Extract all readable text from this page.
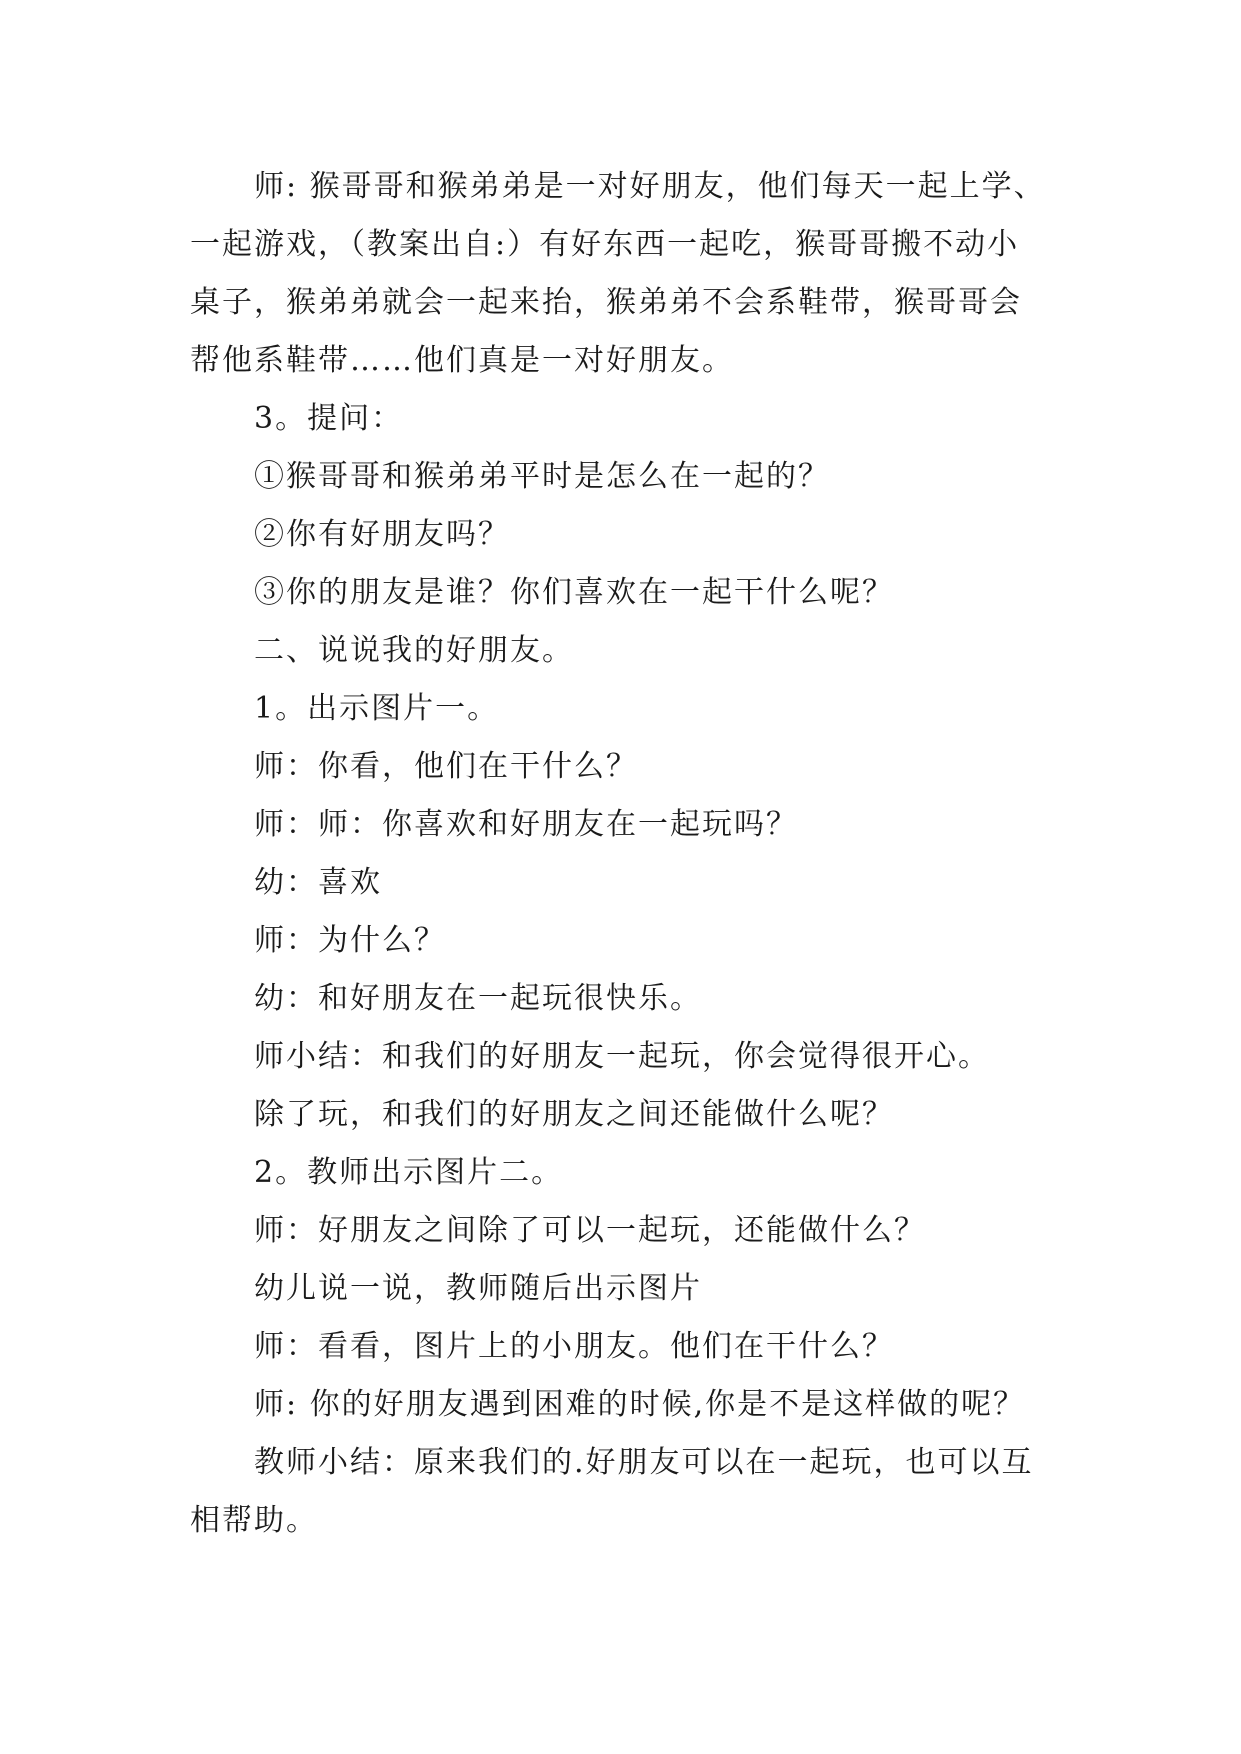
师: 猴哥哥和猴弟弟是一对好朋友，他们每天一起上学、一起游戏，（教案出自:）有好东西一起吃，猴哥哥搬不动小桌子，猴弟弟就会一起来抬，猴弟弟不会系鞋带，猴哥哥会帮他系鞋带……他们真是一对好朋友。

3。提问：

①猴哥哥和猴弟弟平时是怎么在一起的？

②你有好朋友吗？

③你的朋友是谁？你们喜欢在一起干什么呢？

二、说说我的好朋友。

1。出示图片一。

师：你看，他们在干什么？

师：师：你喜欢和好朋友在一起玩吗？

幼：喜欢

师：为什么？

幼：和好朋友在一起玩很快乐。

师小结：和我们的好朋友一起玩，你会觉得很开心。

除了玩，和我们的好朋友之间还能做什么呢？

2。教师出示图片二。

师：好朋友之间除了可以一起玩，还能做什么？

幼儿说一说，教师随后出示图片

师：看看，图片上的小朋友。他们在干什么？

师: 你的好朋友遇到困难的时候,你是不是这样做的呢？

教师小结：原来我们的.好朋友可以在一起玩，也可以互相帮助。
